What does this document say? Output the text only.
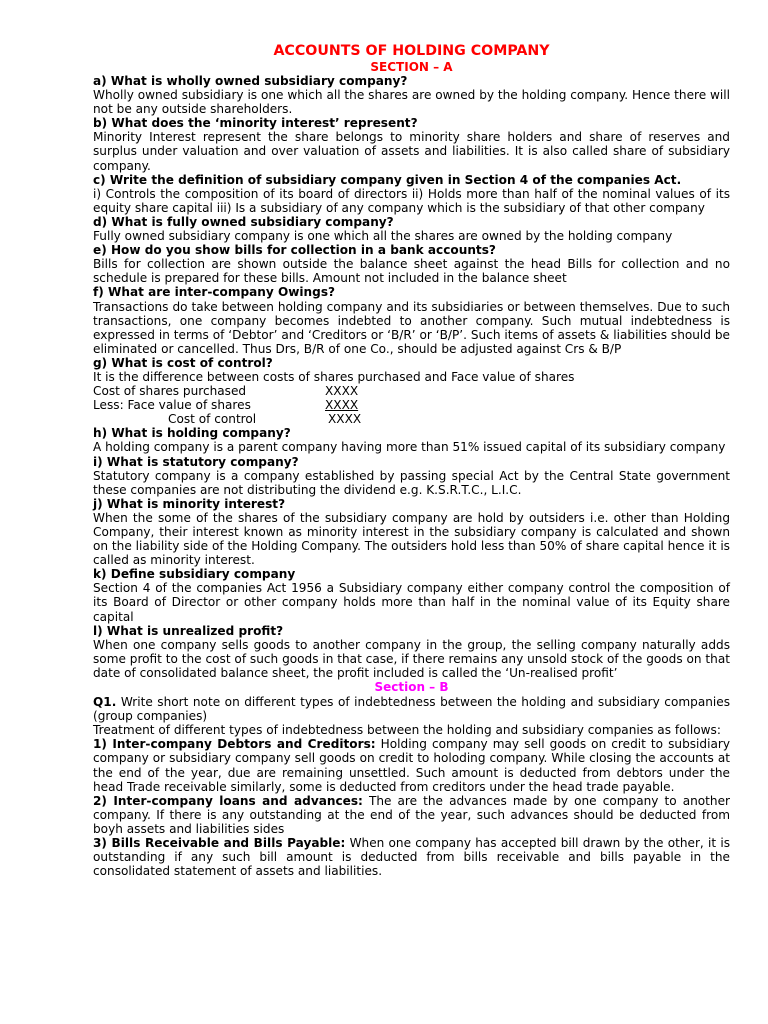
ACCOUNTS OF HOLDING COMPANY
SECTION – A

a) What is wholly owned subsidiary company?

Wholly owned subsidiary is one which all the shares are owned by the holding company. Hence there will not be any outside shareholders.

b) What does the ‘minority interest’ represent?

Minority Interest represent the share belongs to minority share holders and share of reserves and surplus under valuation and over valuation of assets and liabilities. It is also called share of subsidiary company.

c) Write the definition of subsidiary company given in Section 4 of the companies Act.

i) Controls the composition of its board of directors ii) Holds more than half of the nominal values of its equity share capital iii) Is a subsidiary of any company which is the subsidiary of that other company

d) What is fully owned subsidiary company?

Fully owned subsidiary company is one which all the shares are owned by the holding company

e) How do you show bills for collection in a bank accounts?

Bills for collection are shown outside the balance sheet against the head Bills for collection and no schedule is prepared for these bills. Amount not included in the balance sheet

f) What are inter-company Owings?

Transactions do take between holding company and its subsidiaries or between themselves. Due to such transactions, one company becomes indebted to another company. Such mutual indebtedness is expressed in terms of ‘Debtor’ and ‘Creditors or ‘B/R’ or ‘B/P’. Such items of assets & liabilities should be eliminated or cancelled. Thus Drs, B/R of one Co., should be adjusted against Crs & B/P

g) What is cost of control?

It is the difference between costs of shares purchased and Face value of shares

Cost of shares purchased	XXXX
Less: Face value of shares	XXXX
Cost of control	XXXX

h) What is holding company?

A holding company is a parent company having more than 51% issued capital of its subsidiary company

i) What is statutory company?

Statutory company is a company established by passing special Act by the Central State government these companies are not distributing the dividend e.g. K.S.R.T.C., L.I.C.

j) What is minority interest?

When the some of the shares of the subsidiary company are hold by outsiders i.e. other than Holding Company, their interest known as minority interest in the subsidiary company is calculated and shown on the liability side of the Holding Company. The outsiders hold less than 50% of share capital hence it is called as minority interest.

k) Define subsidiary company

Section 4 of the companies Act 1956 a Subsidiary company either company control the composition of its Board of Director or other company holds more than half in the nominal value of its Equity share capital

l) What is unrealized profit?

When one company sells goods to another company in the group, the selling company naturally adds some profit to the cost of such goods in that case, if there remains any unsold stock of the goods on that date of consolidated balance sheet, the profit included is called the ‘Un-realised profit’

Section – B

Q1. Write short note on different types of indebtedness between the holding and subsidiary companies (group companies)

Treatment of different types of indebtedness between the holding and subsidiary companies as follows:

1) Inter-company Debtors and Creditors: Holding company may sell goods on credit to subsidiary company or subsidiary company sell goods on credit to holoding company. While closing the accounts at the end of the year, due are remaining unsettled. Such amount is deducted from debtors under the head Trade receivable similarly, some is deducted from creditors under the head trade payable.

2) Inter-company loans and advances: The are the advances made by one company to another company. If there is any outstanding at the end of the year, such advances should be deducted from boyh assets and liabilities sides

3) Bills Receivable and Bills Payable: When one company has accepted bill drawn by the other, it is outstanding if any such bill amount is deducted from bills receivable and bills payable in the consolidated statement of assets and liabilities.
